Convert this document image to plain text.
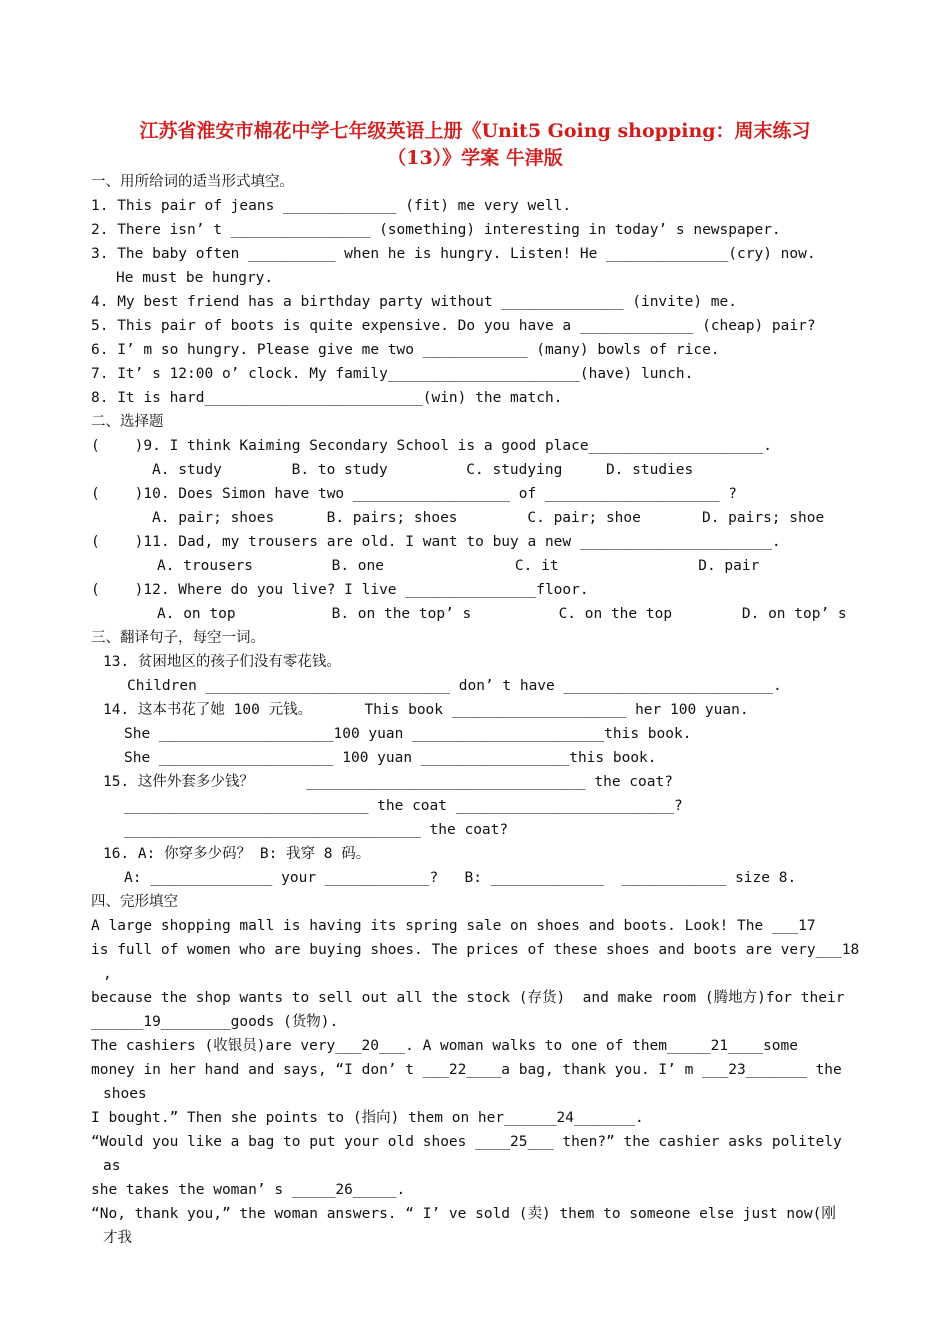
江苏省淮安市棉花中学七年级英语上册《Unit5 Going shopping：周末练习
（13）》学案 牛津版
一、用所给词的适当形式填空。
1. This pair of jeans _____________ (fit) me very well.
2. There isn’ t ________________ (something) interesting in today’ s newspaper.
3. The baby often __________ when he is hungry. Listen! He ______________(cry) now.
He must be hungry.
4. My best friend has a birthday party without ______________ (invite) me.
5. This pair of boots is quite expensive. Do you have a _____________ (cheap) pair?
6. I’ m so hungry. Please give me two ____________ (many) bowls of rice.
7. It’ s 12:00 o’ clock. My family______________________(have) lunch.
8. It is hard_________________________(win) the match.
二、选择题
(    )9. I think Kaiming Secondary School is a good place____________________.
A. study        B. to study         C. studying     D. studies
(    )10. Does Simon have two __________________ of ____________________ ?
A. pair; shoes      B. pairs; shoes        C. pair; shoe       D. pairs; shoe
(    )11. Dad, my trousers are old. I want to buy a new ______________________.
A. trousers         B. one               C. it                D. pair
(    )12. Where do you live? I live _______________floor.
A. on top           B. on the top’ s          C. on the top        D. on top’ s
三、翻译句子，每空一词。
13. 贫困地区的孩子们没有零花钱。
Children ____________________________ don’ t have ________________________.
14. 这本书花了她 100 元钱。      This book ____________________ her 100 yuan.
She ____________________100 yuan ______________________this book.
She ____________________ 100 yuan _________________this book.
15. 这件外套多少钱？      ________________________________ the coat?
____________________________ the coat _________________________?
__________________________________ the coat?
16. A: 你穿多少码？ B: 我穿 8 码。
A: ______________ your ____________?   B: _____________  ____________ size 8.
四、完形填空
A large shopping mall is having its spring sale on shoes and boots. Look! The ___17
is full of women who are buying shoes. The prices of these shoes and boots are very___18
,
because the shop wants to sell out all the stock (存货)  and make room (腾地方)for their
______19________goods (货物).
The cashiers (收银员)are very___20___. A woman walks to one of them_____21____some
money in her hand and says, “I don’ t ___22____a bag, thank you. I’ m ___23_______ the
shoes
I bought.” Then she points to (指向) them on her______24_______.
“Would you like a bag to put your old shoes ____25___ then?” the cashier asks politely
as
she takes the woman’ s _____26_____.
“No, thank you,” the woman answers. “ I’ ve sold (卖) them to someone else just now(刚
才我
